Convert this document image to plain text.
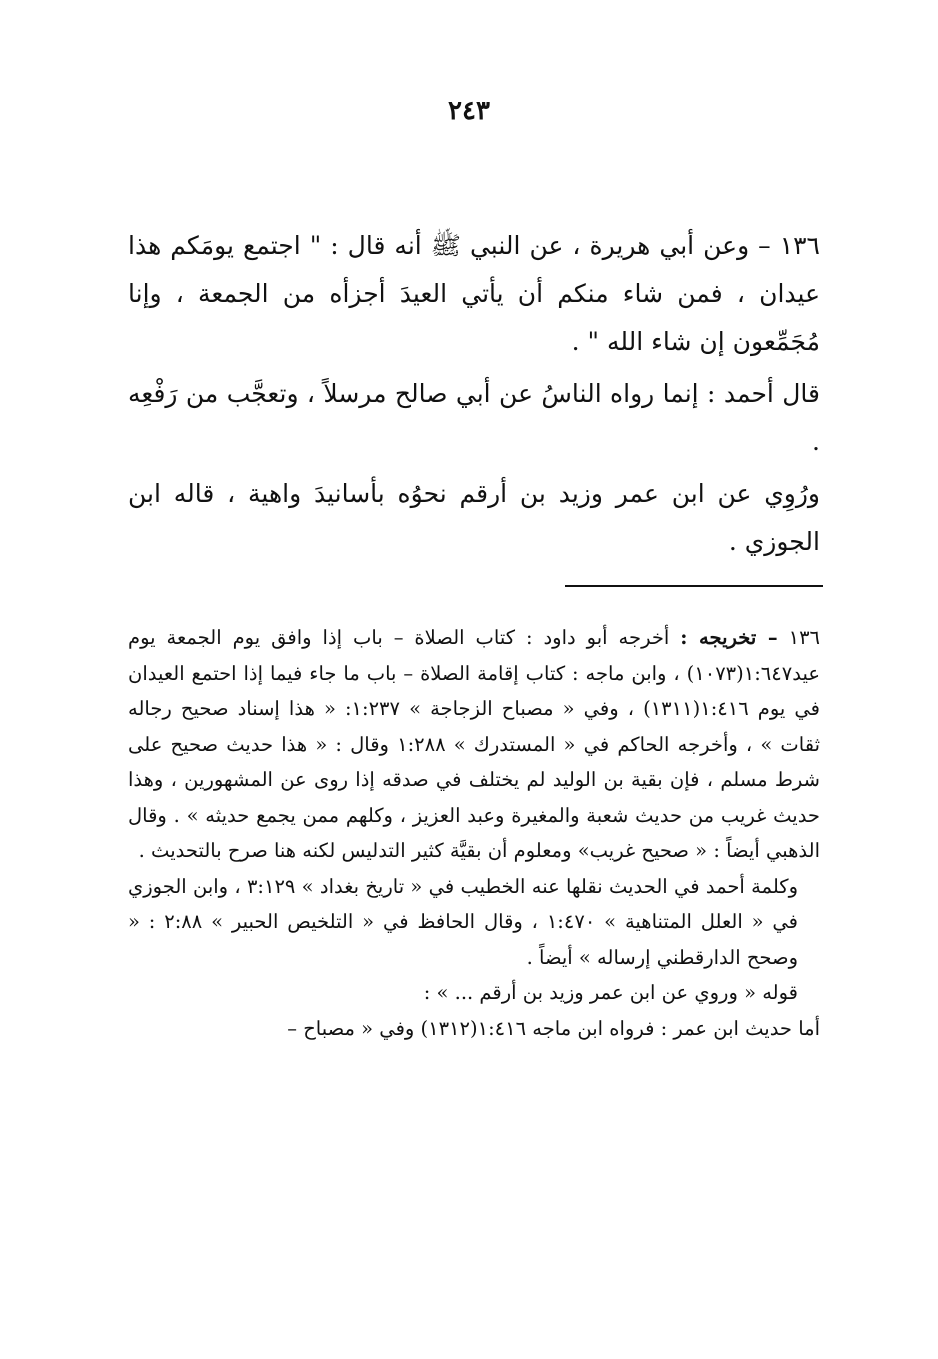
٢٤٣

١٣٦ – وعن أبي هريرة ، عن النبي ﷺ أنه قال : " اجتمع يومَكم هذا عيدان ، فمن شاء منكم أن يأتي العيدَ أجزأه من الجمعة ، وإنا مُجَمِّعون إن شاء الله " .

قال أحمد : إنما رواه الناسُ عن أبي صالح مرسلاً ، وتعجَّب من رَفْعِه .

ورُوِي عن ابن عمر وزيد بن أرقم نحوُه بأسانيدَ واهية ، قاله ابن الجوزي .

١٣٦ – تخريجه : أخرجه أبو داود : كتاب الصلاة – باب إذا وافق يوم الجمعة يوم عيد١:٦٤٧(١٠٧٣) ، وابن ماجه : كتاب إقامة الصلاة – باب ما جاء فيما إذا احتمع العيدان في يوم ١:٤١٦(١٣١١) ، وفي « مصباح الزجاجة » ١:٢٣٧: « هذا إسناد صحيح رجاله ثقات » ، وأخرجه الحاكم في « المستدرك » ١:٢٨٨ وقال : « هذا حديث صحيح على شرط مسلم ، فإن بقية بن الوليد لم يختلف في صدقه إذا روى عن المشهورين ، وهذا حديث غريب من حديث شعبة والمغيرة وعبد العزيز ، وكلهم ممن يجمع حديثه » . وقال الذهبي أيضاً : « صحيح غريب» ومعلوم أن بقيَّة كثير التدليس لكنه هنا صرح بالتحديث .

وكلمة أحمد في الحديث نقلها عنه الخطيب في « تاريخ بغداد » ٣:١٢٩ ، وابن الجوزي في « العلل المتناهية » ١:٤٧٠ ، وقال الحافظ في « التلخيص الحبير » ٢:٨٨ : « وصحح الدارقطني إرساله » أيضاً .

قوله « وروي عن ابن عمر وزيد بن أرقم ... » :

أما حديث ابن عمر : فرواه ابن ماجه ١:٤١٦(١٣١٢) وفي « مصباح –
